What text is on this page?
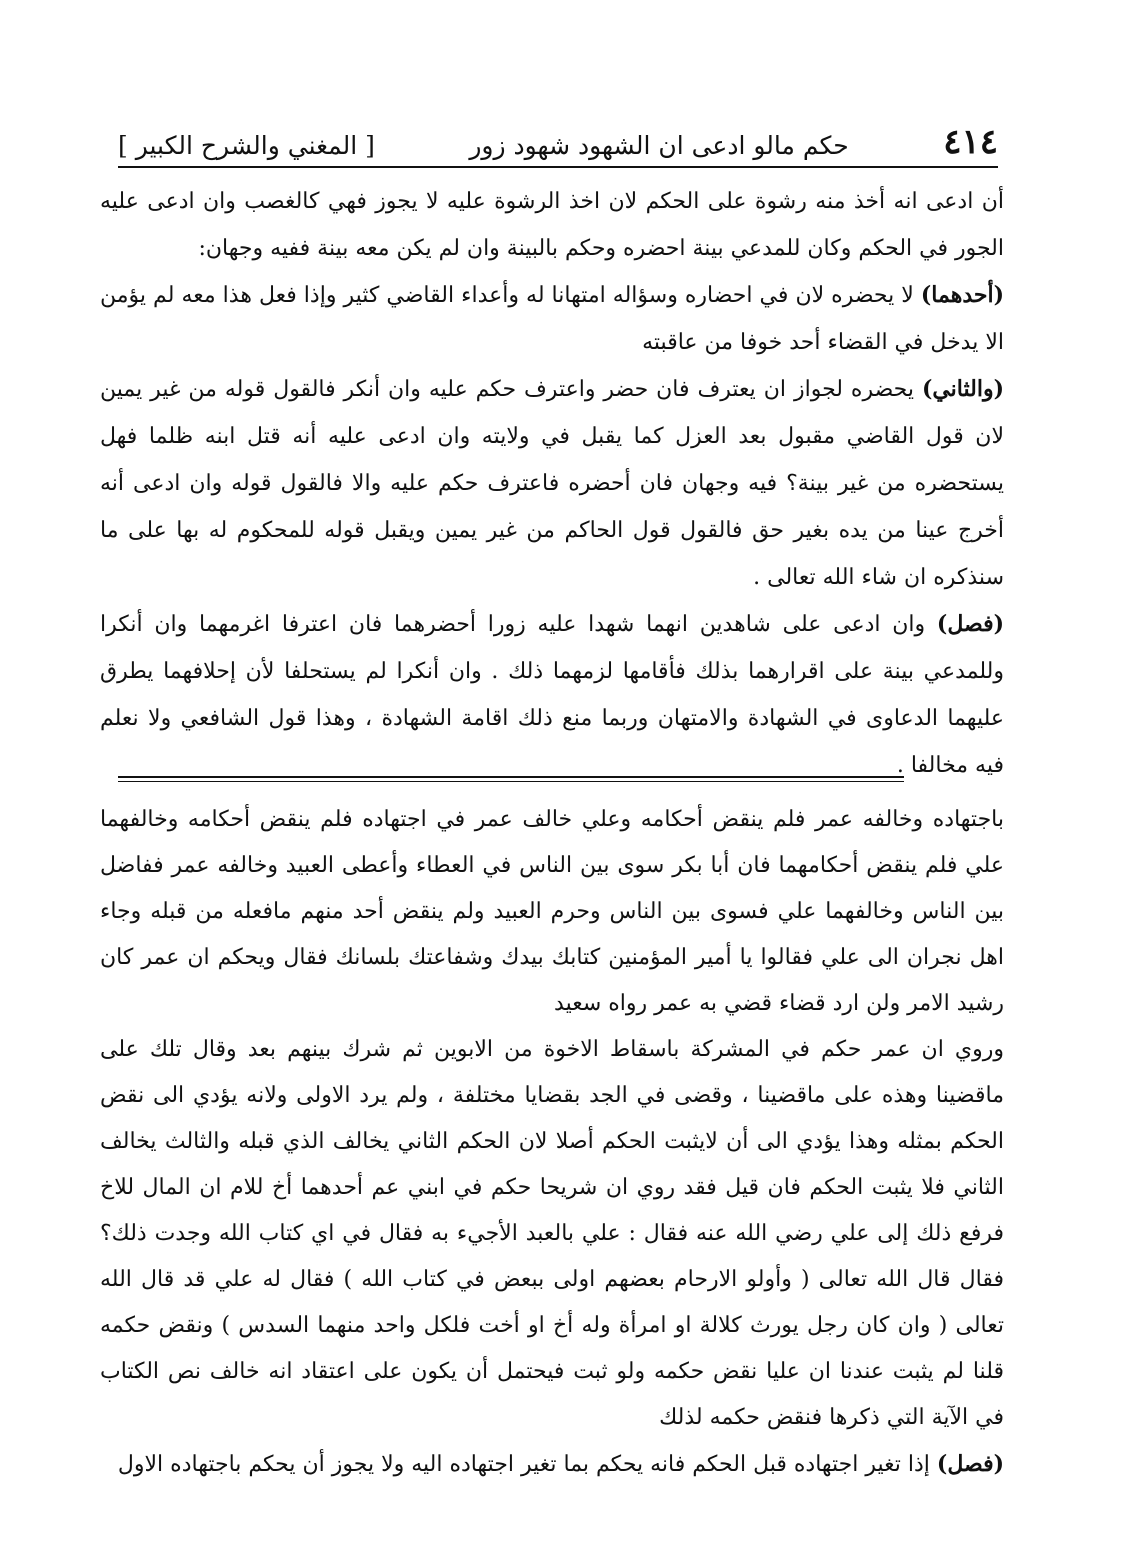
٤١٤
حكم مالو ادعى ان الشهود شهود زور
[ المغني والشرح الكبير ]

أن ادعى انه أخذ منه رشوة على الحكم لان اخذ الرشوة عليه لا يجوز فهي كالغصب وان ادعى عليه الجور في الحكم وكان للمدعي بينة احضره وحكم بالبينة وان لم يكن معه بينة ففيه وجهان:

(أحدهما) لا يحضره لان في احضاره وسؤاله امتهانا له وأعداء القاضي كثير وإذا فعل هذا معه لم يؤمن الا يدخل في القضاء أحد خوفا من عاقبته

(والثاني) يحضره لجواز ان يعترف فان حضر واعترف حكم عليه وان أنكر فالقول قوله من غير يمين لان قول القاضي مقبول بعد العزل كما يقبل في ولايته وان ادعى عليه أنه قتل ابنه ظلما فهل يستحضره من غير بينة؟ فيه وجهان فان أحضره فاعترف حكم عليه والا فالقول قوله وان ادعى أنه أخرج عينا من يده بغير حق فالقول قول الحاكم من غير يمين ويقبل قوله للمحكوم له بها على ما سنذكره ان شاء الله تعالى .

(فصل) وان ادعى على شاهدين انهما شهدا عليه زورا أحضرهما فان اعترفا اغرمهما وان أنكرا وللمدعي بينة على اقرارهما بذلك فأقامها لزمهما ذلك . وان أنكرا لم يستحلفا لأن إحلافهما يطرق عليهما الدعاوى في الشهادة والامتهان وربما منع ذلك اقامة الشهادة ، وهذا قول الشافعي ولا نعلم فيه مخالفا .

باجتهاده وخالفه عمر فلم ينقض أحكامه وعلي خالف عمر في اجتهاده فلم ينقض أحكامه وخالفهما علي فلم ينقض أحكامهما فان أبا بكر سوى بين الناس في العطاء وأعطى العبيد وخالفه عمر ففاضل بين الناس وخالفهما علي فسوى بين الناس وحرم العبيد ولم ينقض أحد منهم مافعله من قبله وجاء اهل نجران الى علي فقالوا يا أمير المؤمنين كتابك بيدك وشفاعتك بلسانك فقال ويحكم ان عمر كان رشيد الامر ولن ارد قضاء قضي به عمر رواه سعيد

وروي ان عمر حكم في المشركة باسقاط الاخوة من الابوين ثم شرك بينهم بعد وقال تلك على ماقضينا وهذه على ماقضينا ، وقضى في الجد بقضايا مختلفة ، ولم يرد الاولى ولانه يؤدي الى نقض الحكم بمثله وهذا يؤدي الى أن لايثبت الحكم أصلا لان الحكم الثاني يخالف الذي قبله والثالث يخالف الثاني فلا يثبت الحكم فان قيل فقد روي ان شريحا حكم في ابني عم أحدهما أخ للام ان المال للاخ فرفع ذلك إلى علي رضي الله عنه فقال : علي بالعبد الأجيء به فقال في اي كتاب الله وجدت ذلك؟ فقال قال الله تعالى ( وأولو الارحام بعضهم اولى ببعض في كتاب الله ) فقال له علي قد قال الله تعالى ( وان كان رجل يورث كلالة او امرأة وله أخ او أخت فلكل واحد منهما السدس ) ونقض حكمه قلنا لم يثبت عندنا ان عليا نقض حكمه ولو ثبت فيحتمل أن يكون على اعتقاد انه خالف نص الكتاب في الآية التي ذكرها فنقض حكمه لذلك

(فصل) إذا تغير اجتهاده قبل الحكم فانه يحكم بما تغير اجتهاده اليه ولا يجوز أن يحكم باجتهاده الاول
